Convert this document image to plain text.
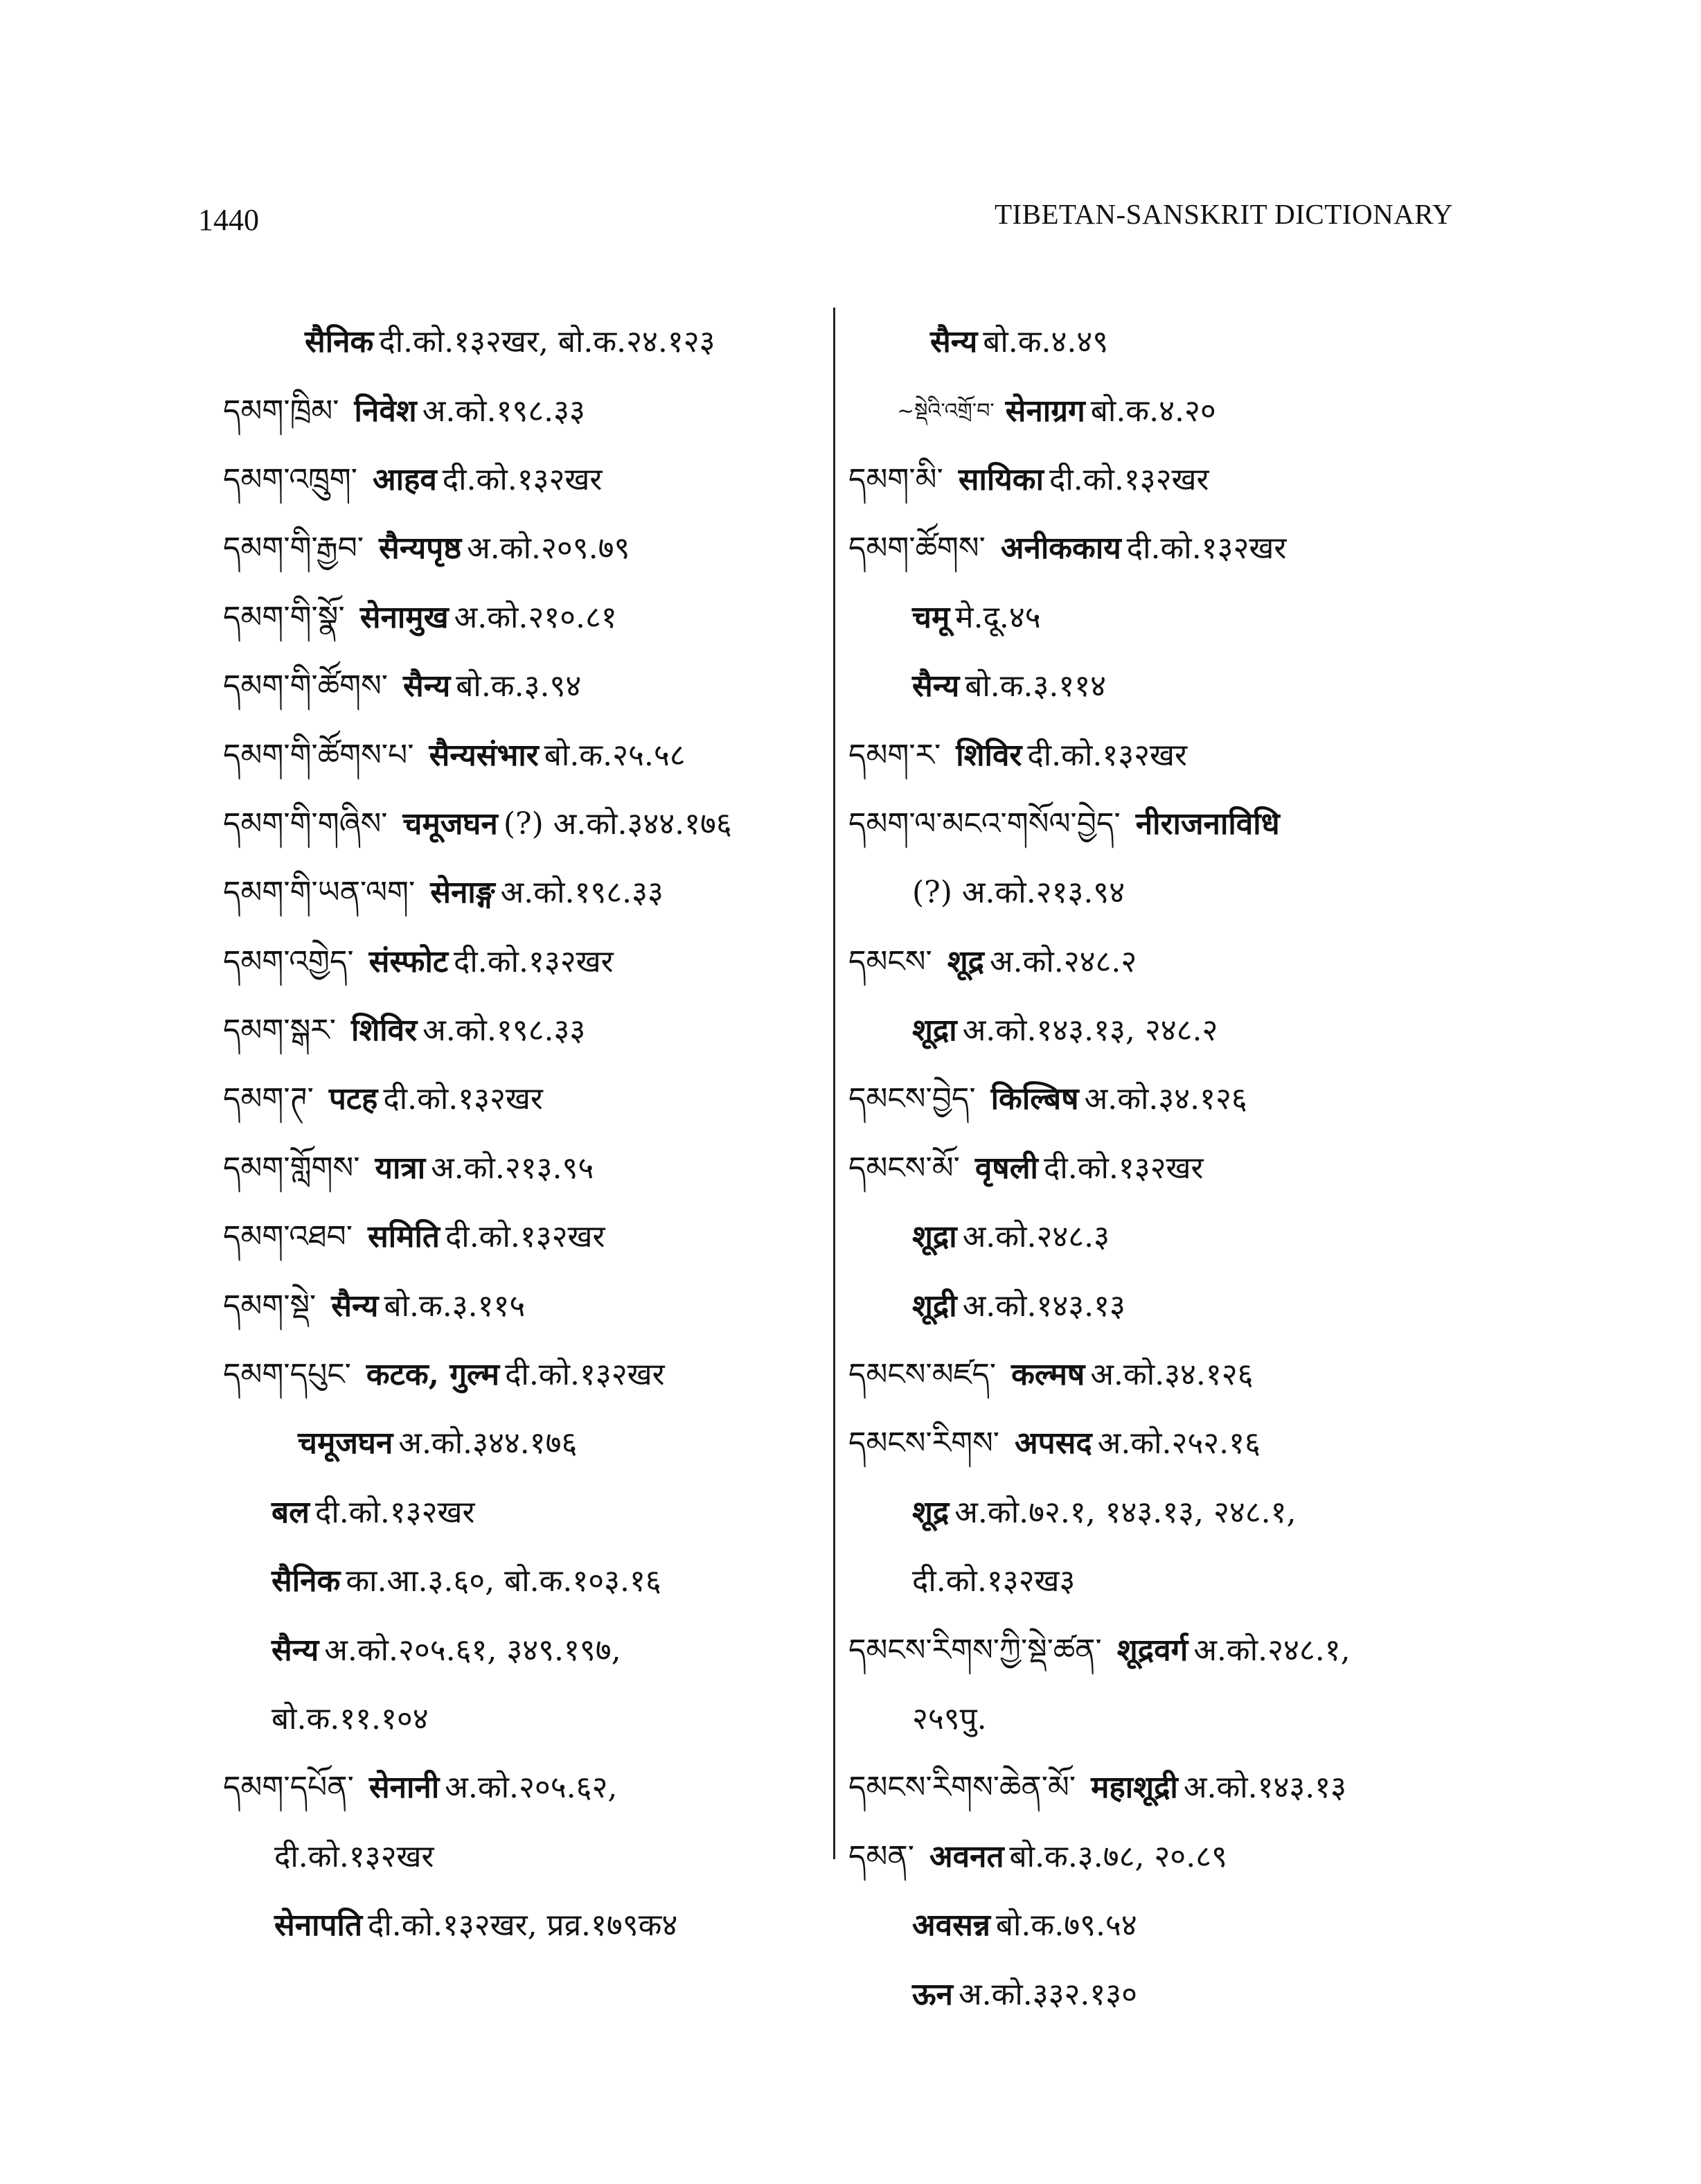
1440	TIBETAN-SANSKRIT DICTIONARY
सैनिक दी.को.१३२खर, बो.क.२४.१२३
དམག་ཁྲིམ་ निवेश अ.को.१९८.३३
དམག་འཁྲུག་ आहव दी.को.१३२खर
དམག་གི་རྒྱབ་ सैन्यपृष्ठ अ.को.२०९.७९
དམག་གི་སྣོ་ सेनामुख अ.को.२१०.८१
དམག་གི་ཚོགས་ सैन्य बो.क.३.९४
དམག་གི་ཚོགས་པ་ सैन्यसंभार बो.क.२५.५८
དམག་གི་གཞིས་ चमूजघन (?) अ.को.३४४.१७६
དམག་གི་ཡན་ལག་ सेनाङ्ग अ.को.१९८.३३
དམག་འགྱེད་ संस्फोट दी.को.१३२खर
དམག་སྒར་ शिविर अ.को.१९८.३३
དམག་ཊ་ पटह दी.को.१३२खर
དམག་གློགས་ यात्रा अ.को.२१३.९५
དམག་འཐབ་ समिति दी.को.१३२खर
དམག་སྡེ་ सैन्य बो.क.३.११५
དམག་དཔུང་ कटक, गुल्म दी.को.१३२खर
चमूजघन अ.को.३४४.१७६
बल दी.को.१३२खर
सैनिक का.आ.३.६०, बो.क.१०३.१६
सैन्य अ.को.२०५.६१, ३४९.१९७,
बो.क.११.१०४
དམག་དཔོན་ सेनानी अ.को.२०५.६२,
दी.को.१३२खर
सेनापति दी.को.१३२खर, प्रव्र.१७९क४
सैन्य बो.क.४.४९
~སྡེའི་འགྲོ་བ་ सेनाग्रग बो.क.४.२०
དམག་མི་ सायिका दी.को.१३२खर
དམག་ཚོགས་ अनीककाय दी.को.१३२खर
चमू मे.दू.४५
सैन्य बो.क.३.११४
དམག་ར་ शिविर दी.को.१३२खर
དམག་ལ་མངའ་གསོལ་བྱེད་ नीराजनाविधि
(?) अ.को.२१३.९४
དམངས་ शूद्र अ.को.२४८.२
शूद्रा अ.को.१४३.१३, २४८.२
དམངས་བྱེད་ किल्बिष अ.को.३४.१२६
དམངས་མོ་ वृषली दी.को.१३२खर
शूद्रा अ.को.२४८.३
शूद्री अ.को.१४३.१३
དམངས་མཛད་ कल्मष अ.को.३४.१२६
དམངས་རིགས་ अपसद अ.को.२५२.१६
शूद्र अ.को.७२.१, १४३.१३, २४८.१,
दी.को.१३२ख३
དམངས་རིགས་ཀྱི་སྡེ་ཚན་ शूद्रवर्ग अ.को.२४८.१,
२५९पु.
དམངས་རིགས་ཆེན་མོ་ महाशूद्री अ.को.१४३.१३
དམན་ अवनत बो.क.३.७८, २०.८९
अवसन्न बो.क.७९.५४
ऊन अ.को.३३२.१३०
